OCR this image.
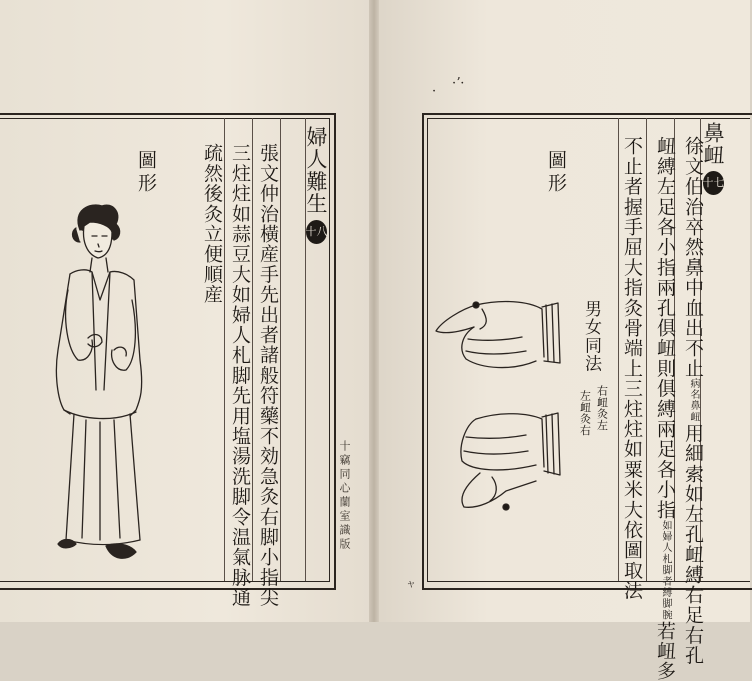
婦人難生十八
張文仲治橫産手先出者諸般符藥不効急灸右脚小指尖
三炷炷如蒜豆大如婦人札脚先用塩湯洗脚令温氣脉通
疏然後灸立便順産
圖形
十竊同心蘭室識版
·ʼ·
·
鼻衄十七
徐文伯治卒然鼻中血出不止病名鼻衄用細索如左孔衄縛右足右孔
衄縛左足各小指兩孔俱衄則俱縛兩足各小指如婦人札脚者縛脚腕若衄多
不止者握手屈大指灸骨端上三炷炷如粟米大依圖取法
圖形
男女同法
右衄灸左
左衄灸右
ャ
